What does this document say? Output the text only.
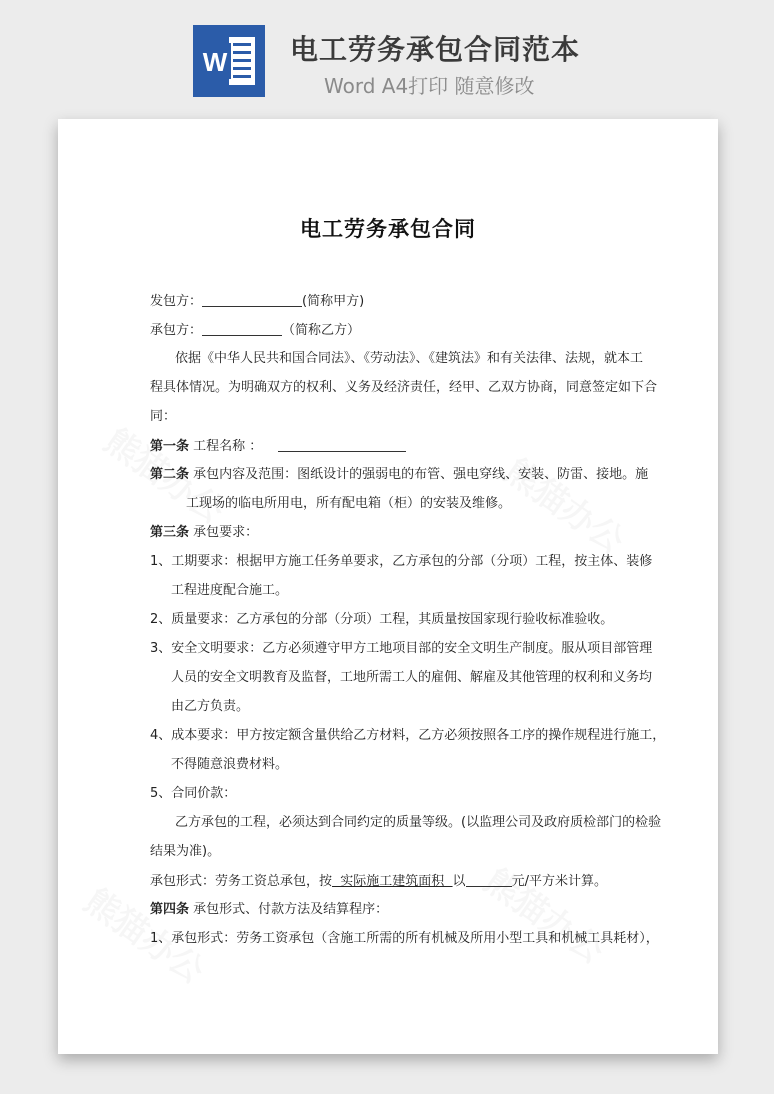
W 电工劳务承包合同范本
Word A4打印 随意修改
电工劳务承包合同
发包方：	(简称甲方)
承包方：	（简称乙方）
依据《中华人民共和国合同法》、《劳动法》、《建筑法》和有关法律、法规，就本工
程具体情况。为明确双方的权利、义务及经济责任，经甲、乙双方协商，同意签定如下合
同：
第一条 工程名称 ：
第二条 承包内容及范围：图纸设计的强弱电的布管、强电穿线、安装、防雷、接地。施
工现场的临电所用电，所有配电箱（柜）的安装及维修。
第三条 承包要求：
1、工期要求：根据甲方施工任务单要求，乙方承包的分部（分项）工程，按主体、装修
工程进度配合施工。
2、质量要求：乙方承包的分部（分项）工程，其质量按国家现行验收标准验收。
3、安全文明要求：乙方必须遵守甲方工地项目部的安全文明生产制度。服从项目部管理
人员的安全文明教育及监督，工地所需工人的雇佣、解雇及其他管理的权利和义务均
由乙方负责。
4、成本要求：甲方按定额含量供给乙方材料，乙方必须按照各工序的操作规程进行施工，
不得随意浪费材料。
5、合同价款：
乙方承包的工程，必须达到合同约定的质量等级。(以监理公司及政府质检部门的检验
结果为准)。
承包形式：劳务工资总承包，按  实际施工建筑面积  以	元/平方米计算。
第四条 承包形式、付款方法及结算程序：
1、承包形式：劳务工资承包（含施工所需的所有机械及所用小型工具和机械工具耗材），
